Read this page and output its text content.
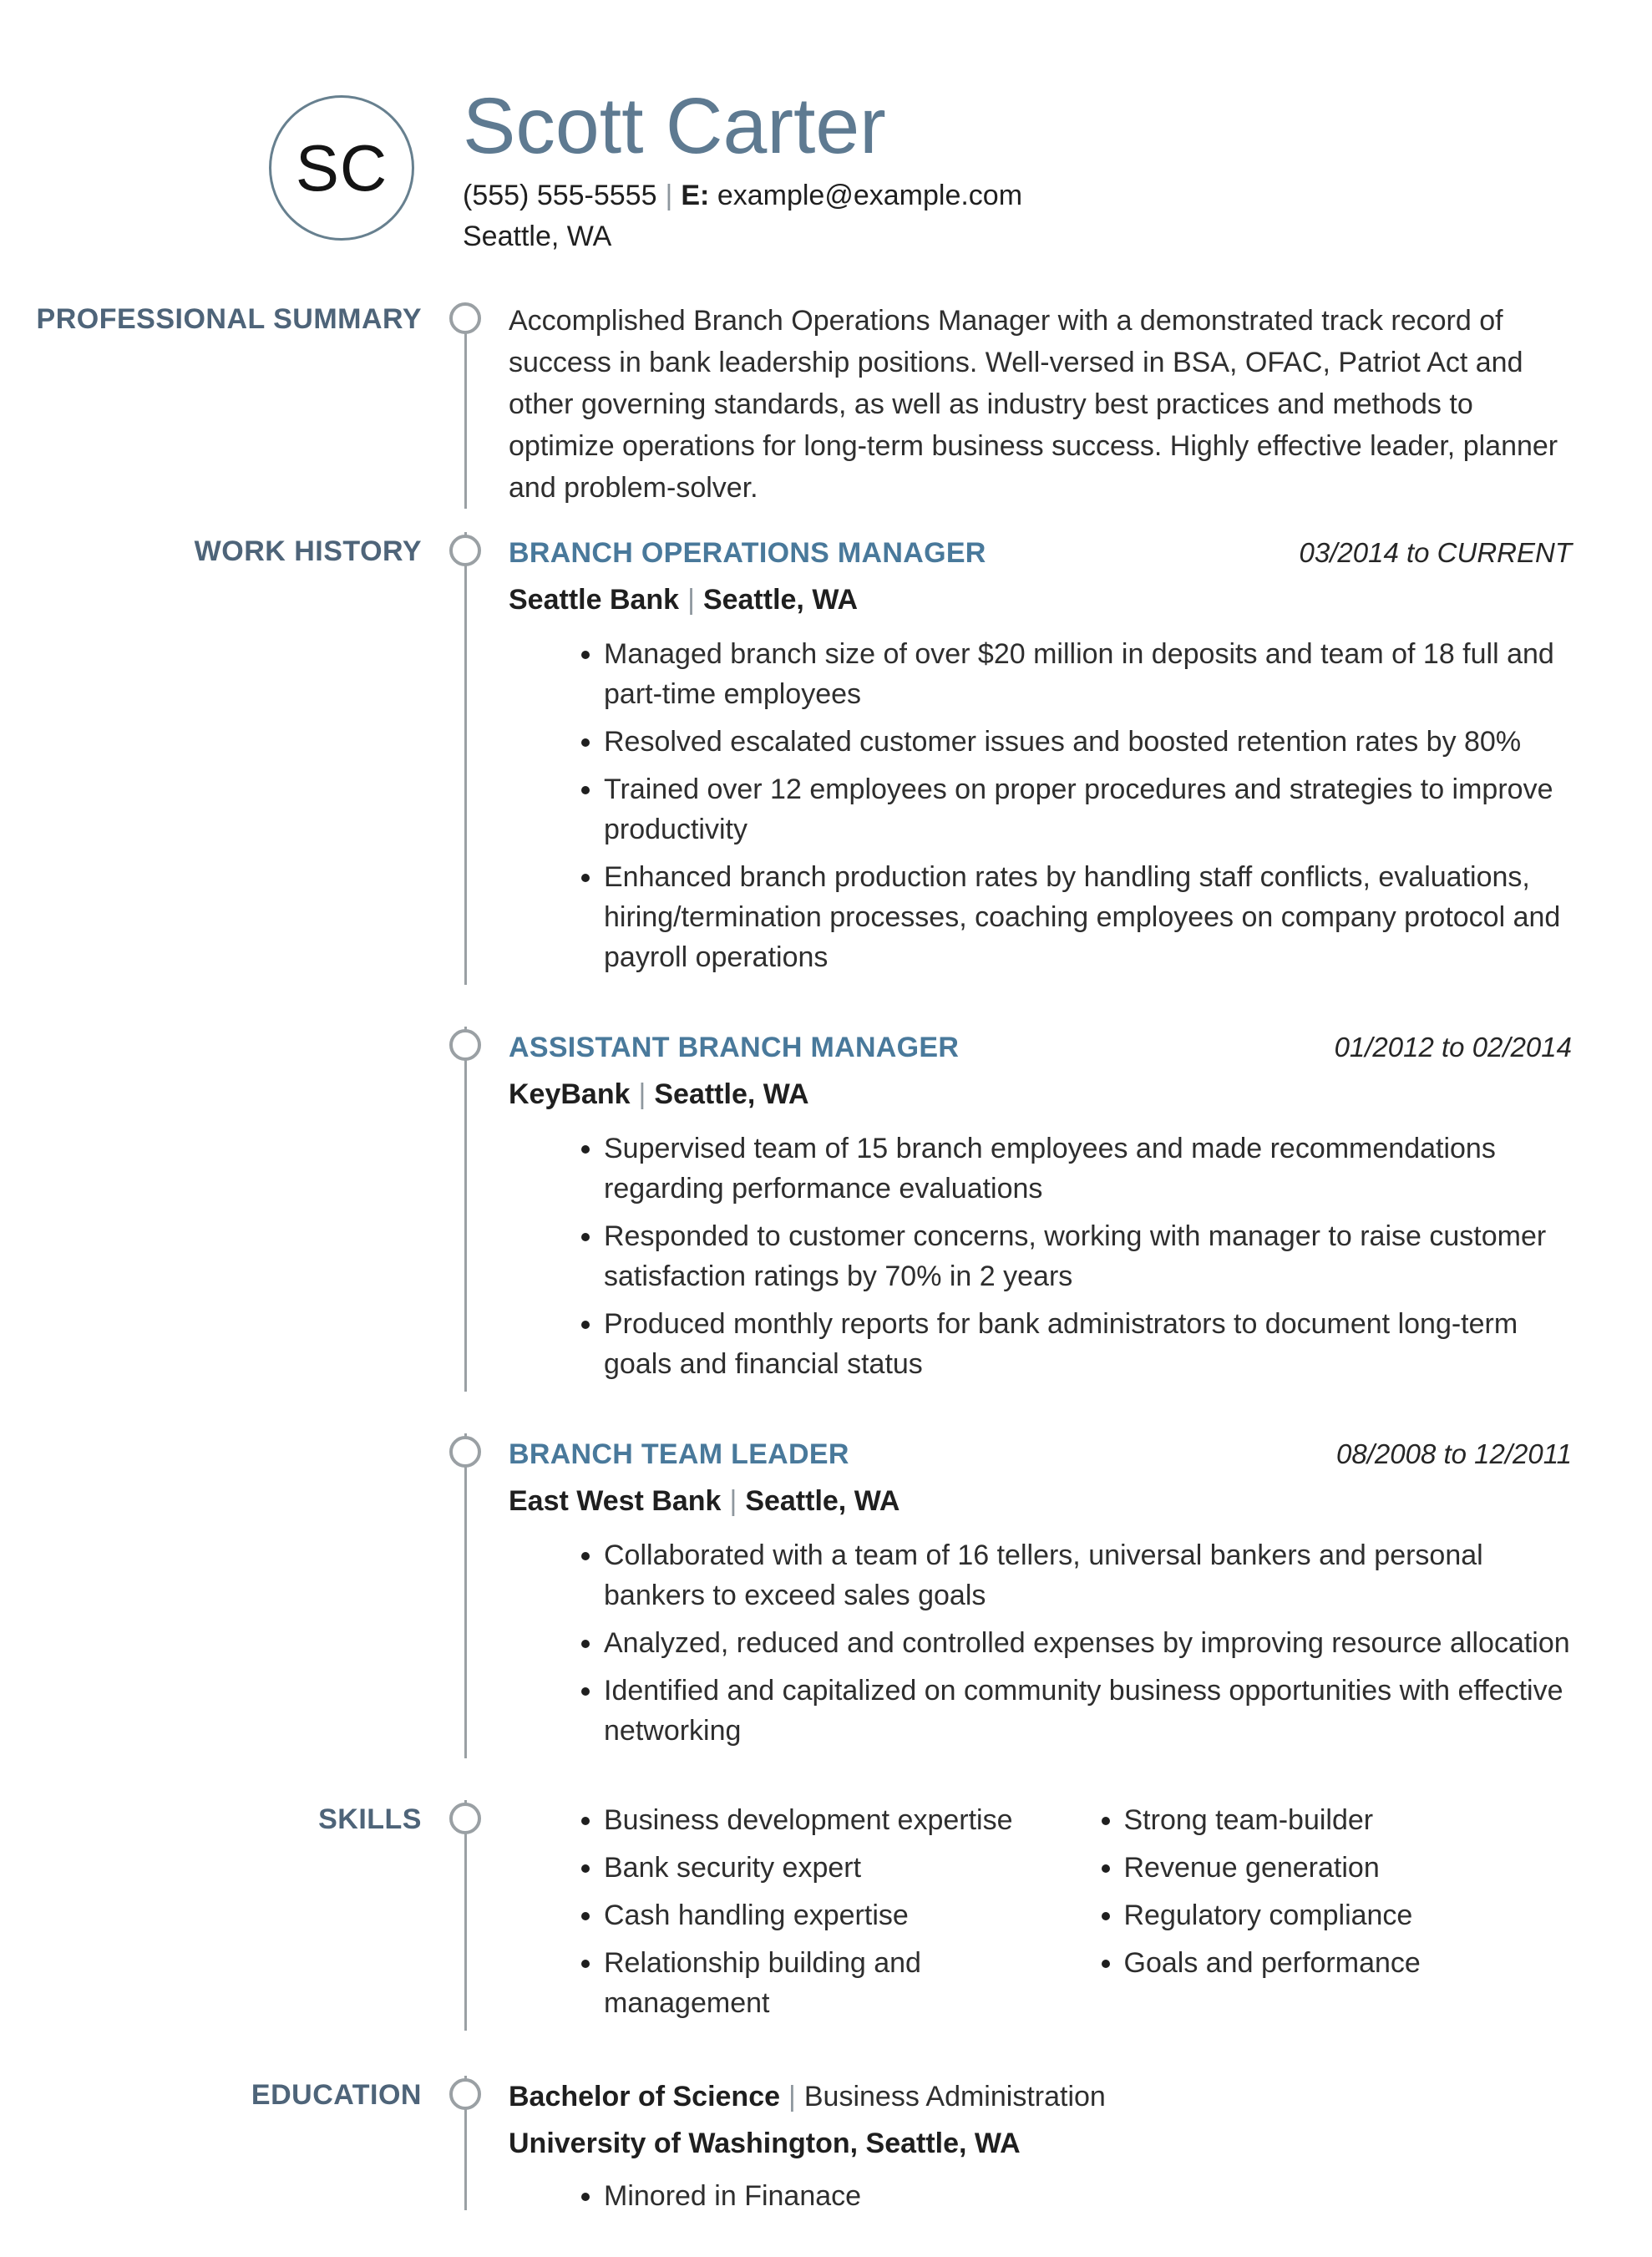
SC Scott Carter
(555) 555-5555 | E: example@example.com
Seattle, WA
PROFESSIONAL SUMMARY	Accomplished Branch Operations Manager with a demonstrated track record of success in bank leadership positions. Well-versed in BSA, OFAC, Patriot Act and other governing standards, as well as industry best practices and methods to optimize operations for long-term business success. Highly effective leader, planner and problem-solver.

WORK HISTORY	BRANCH OPERATIONS MANAGER	03/2014 to CURRENT
Seattle Bank | Seattle, WA
• Managed branch size of over $20 million in deposits and team of 18 full and part-time employees
• Resolved escalated customer issues and boosted retention rates by 80%
• Trained over 12 employees on proper procedures and strategies to improve productivity
• Enhanced branch production rates by handling staff conflicts, evaluations, hiring/termination processes, coaching employees on company protocol and payroll operations
ASSISTANT BRANCH MANAGER	01/2012 to 02/2014
KeyBank | Seattle, WA
• Supervised team of 15 branch employees and made recommendations regarding performance evaluations
• Responded to customer concerns, working with manager to raise customer satisfaction ratings by 70% in 2 years
• Produced monthly reports for bank administrators to document long-term goals and financial status
BRANCH TEAM LEADER	08/2008 to 12/2011
East West Bank | Seattle, WA
• Collaborated with a team of 16 tellers, universal bankers and personal bankers to exceed sales goals
• Analyzed, reduced and controlled expenses by improving resource allocation
• Identified and capitalized on community business opportunities with effective networking
SKILLS	• Business development expertise
• Bank security expert
• Cash handling expertise
• Relationship building and management
• Strong team-builder
• Revenue generation
• Regulatory compliance
• Goals and performance
EDUCATION	Bachelor of Science | Business Administration
University of Washington, Seattle, WA
• Minored in Finanace
